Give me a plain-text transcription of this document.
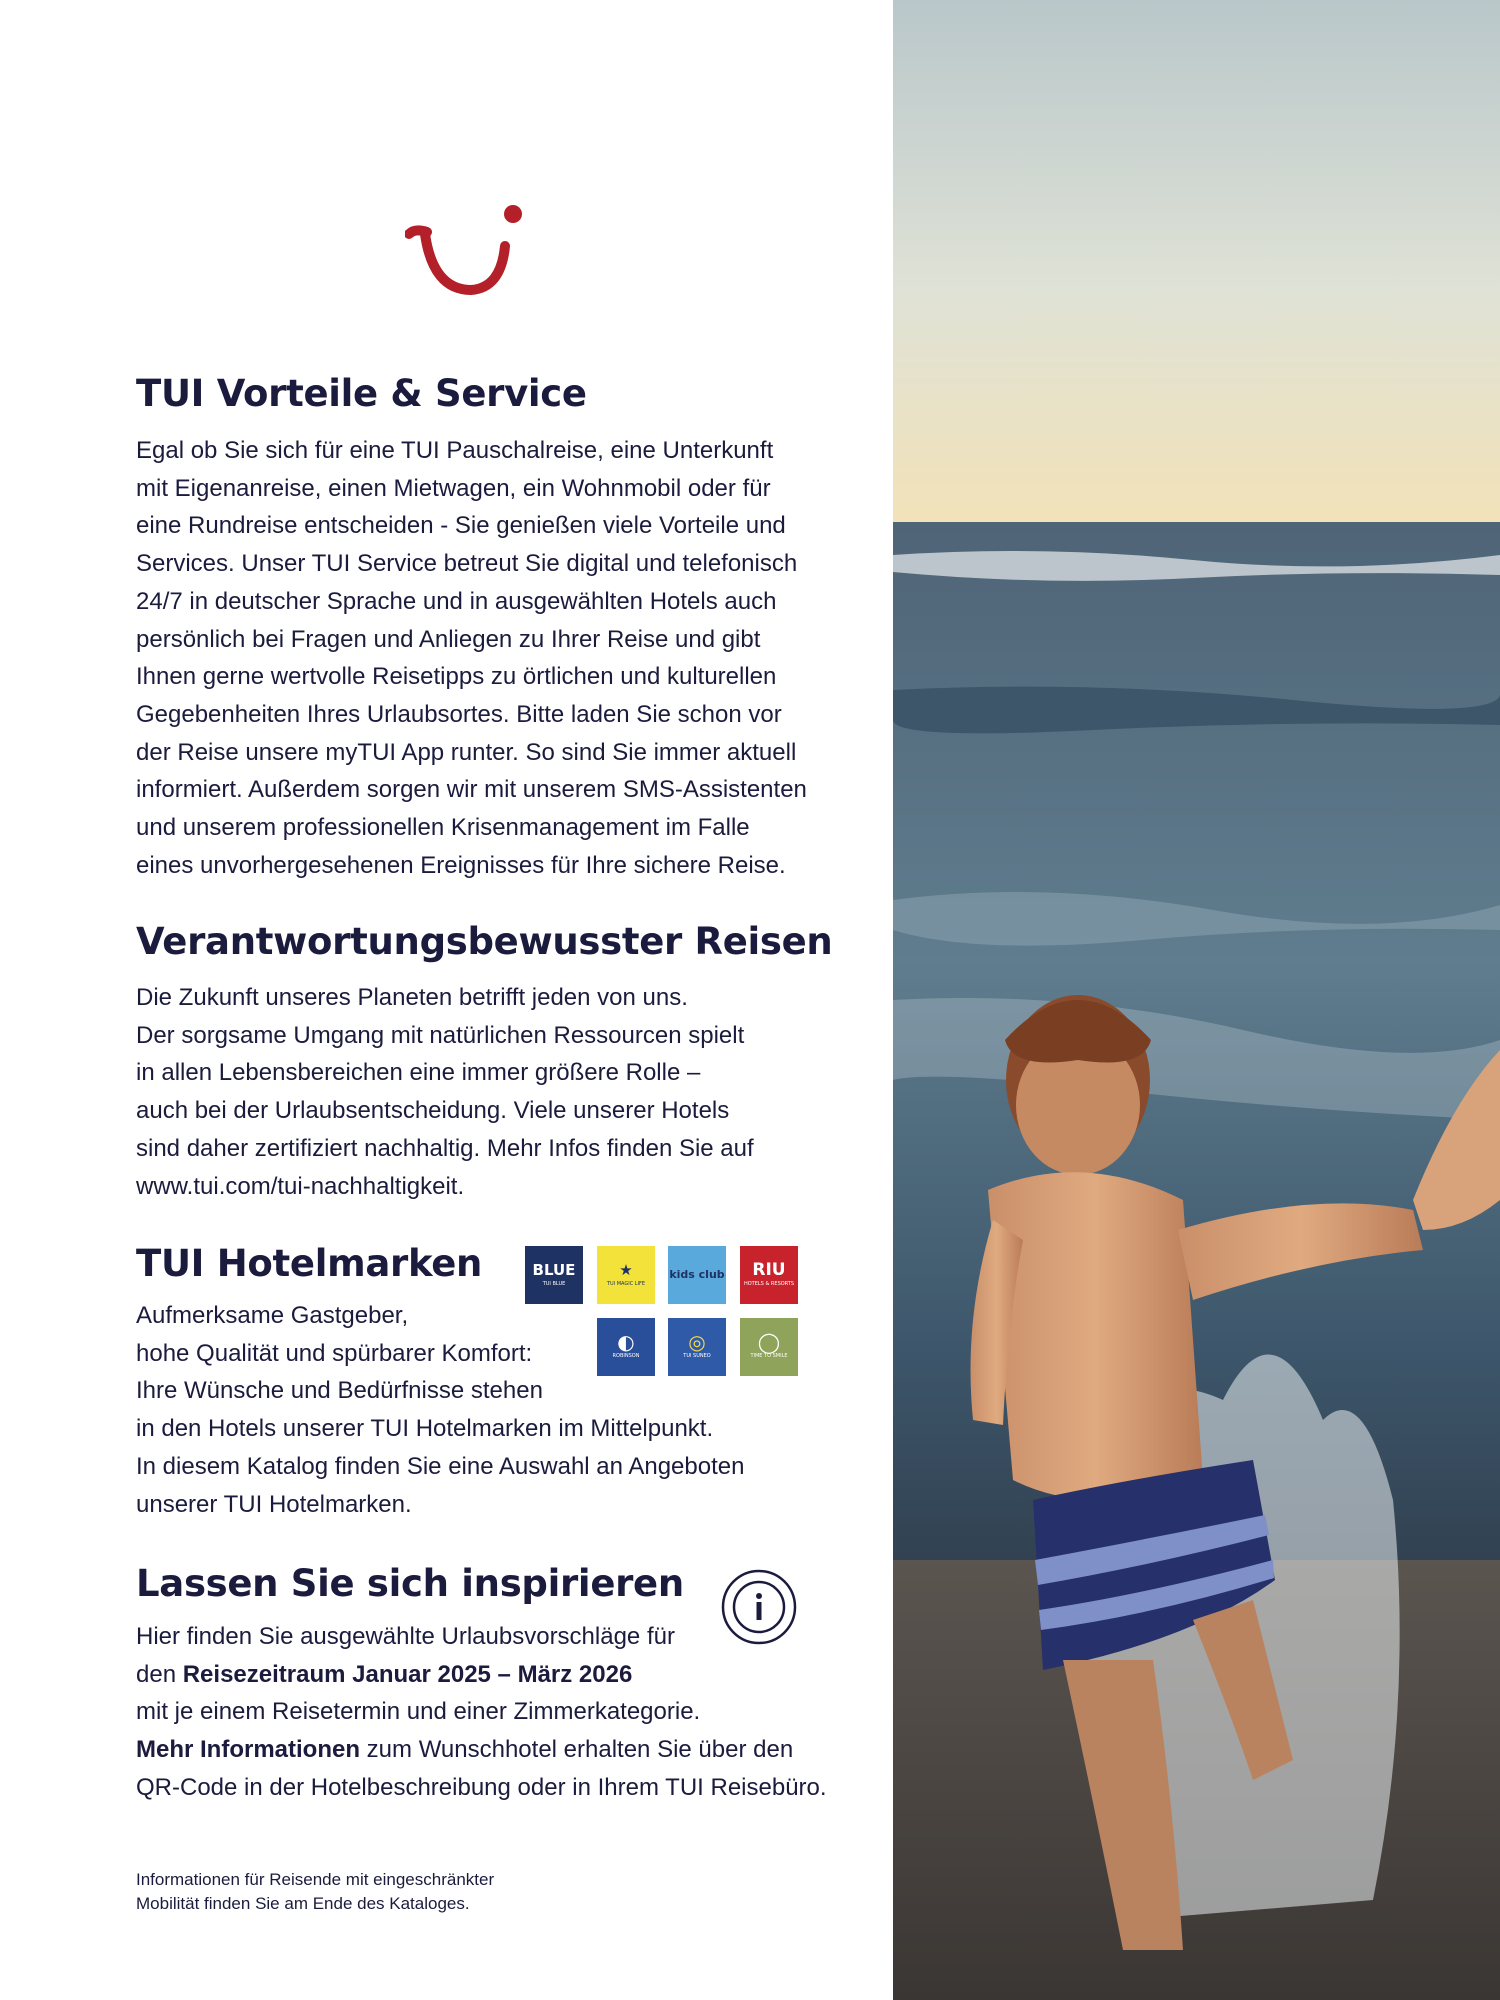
TUI Vorteile & Service
Egal ob Sie sich für eine TUI Pauschalreise, eine Unterkunft
mit Eigenanreise, einen Mietwagen, ein Wohnmobil oder für
eine Rundreise entscheiden - Sie genießen viele Vorteile und
Services. Unser TUI Service betreut Sie digital und telefonisch
24/7 in deutscher Sprache und in ausgewählten Hotels auch
persönlich bei Fragen und Anliegen zu Ihrer Reise und gibt
Ihnen gerne wertvolle Reisetipps zu örtlichen und kulturellen
Gegebenheiten Ihres Urlaubsortes. Bitte laden Sie schon vor
der Reise unsere myTUI App runter. So sind Sie immer aktuell
informiert. Außerdem sorgen wir mit unserem SMS-Assistenten
und unserem professionellen Krisenmanagement im Falle
eines unvorhergesehenen Ereignisses für Ihre sichere Reise.
Verantwortungsbewusster Reisen
Die Zukunft unseres Planeten betrifft jeden von uns.
Der sorgsame Umgang mit natürlichen Ressourcen spielt
in allen Lebensbereichen eine immer größere Rolle –
auch bei der Urlaubsentscheidung. Viele unserer Hotels
sind daher zertifiziert nachhaltig. Mehr Infos finden Sie auf
www.tui.com/tui-nachhaltigkeit.
TUI Hotelmarken
Aufmerksame Gastgeber,
hohe Qualität und spürbarer Komfort:
Ihre Wünsche und Bedürfnisse stehen
in den Hotels unserer TUI Hotelmarken im Mittelpunkt.
In diesem Katalog finden Sie eine Auswahl an Angeboten
unserer TUI Hotelmarken.
BLUE
TUI BLUE
★
TUI MAGIC LIFE
kids club RIU
HOTELS & RESORTS
◐
ROBINSON
◎
TUI SUNEO
◯
TIME TO SMILE
Lassen Sie sich inspirieren
Hier finden Sie ausgewählte Urlaubsvorschläge für
den Reisezeitraum Januar 2025 – März 2026
mit je einem Reisetermin und einer Zimmerkategorie.
Mehr Informationen zum Wunschhotel erhalten Sie über den
QR-Code in der Hotelbeschreibung oder in Ihrem TUI Reisebüro.
Informationen für Reisende mit eingeschränkter
Mobilität finden Sie am Ende des Kataloges.
